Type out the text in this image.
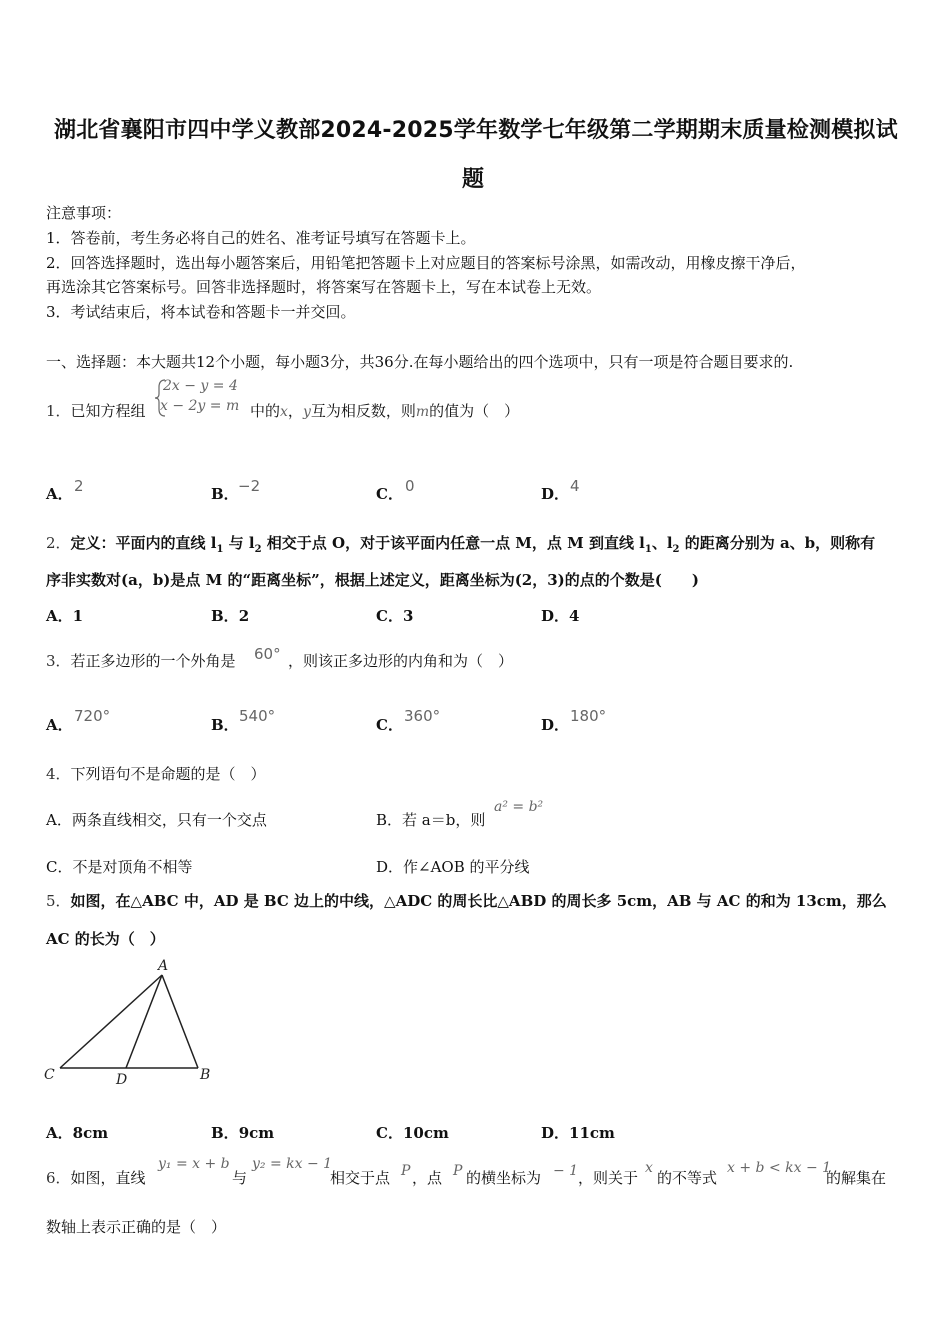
湖北省襄阳市四中学义教部2024-2025学年数学七年级第二学期期末质量检测模拟试
题
注意事项：
1．答卷前，考生务必将自己的姓名、准考证号填写在答题卡上。
2．回答选择题时，选出每小题答案后，用铅笔把答题卡上对应题目的答案标号涂黑，如需改动，用橡皮擦干净后，
再选涂其它答案标号。回答非选择题时，将答案写在答题卡上，写在本试卷上无效。
3．考试结束后，将本试卷和答题卡一并交回。
一、选择题：本大题共12个小题，每小题3分，共36分.在每小题给出的四个选项中，只有一项是符合题目要求的.
1．已知方程组
2x − y = 4
x − 2y = m 中的x，y互为相反数，则m的值为（　）
A． 2	B． −2	C． 0	D． 4
2．定义：平面内的直线 $l_1$ 与 $l_2$ 相交于点 O，对于该平面内任意一点 M，点 M 到直线 $l_1$、$l_2$ 的距离分别为 a、b，则称有
序非实数对(a，b)是点 M 的“距离坐标”，根据上述定义，距离坐标为(2，3)的点的个数是(　　)
A．1	B．2	C．3	D．4
3．若正多边形的一个外角是 60° ，则该正多边形的内角和为（　）
A． 720°	B． 540°	C． 360°	D． 180°
4．下列语句不是命题的是（　）
A．两条直线相交，只有一个交点	B．若 a＝b，则
a² = b²
C．不是对顶角不相等	D．作∠AOB 的平分线
5．如图，在△ABC 中，AD 是 BC 边上的中线，△ADC 的周长比△ABD 的周长多 5cm，AB 与 AC 的和为 13cm，那么
AC 的长为（　）
A
C	D	B
A．8cm	B．9cm	C．10cm	D．11cm
6．如图，直线
y₁ = x + b
与
y₂ = kx − 1
相交于点 P ，点 P 的横坐标为 − 1 ，则关于
x
的不等式
x + b < kx − 1
的解集在
数轴上表示正确的是（　）
